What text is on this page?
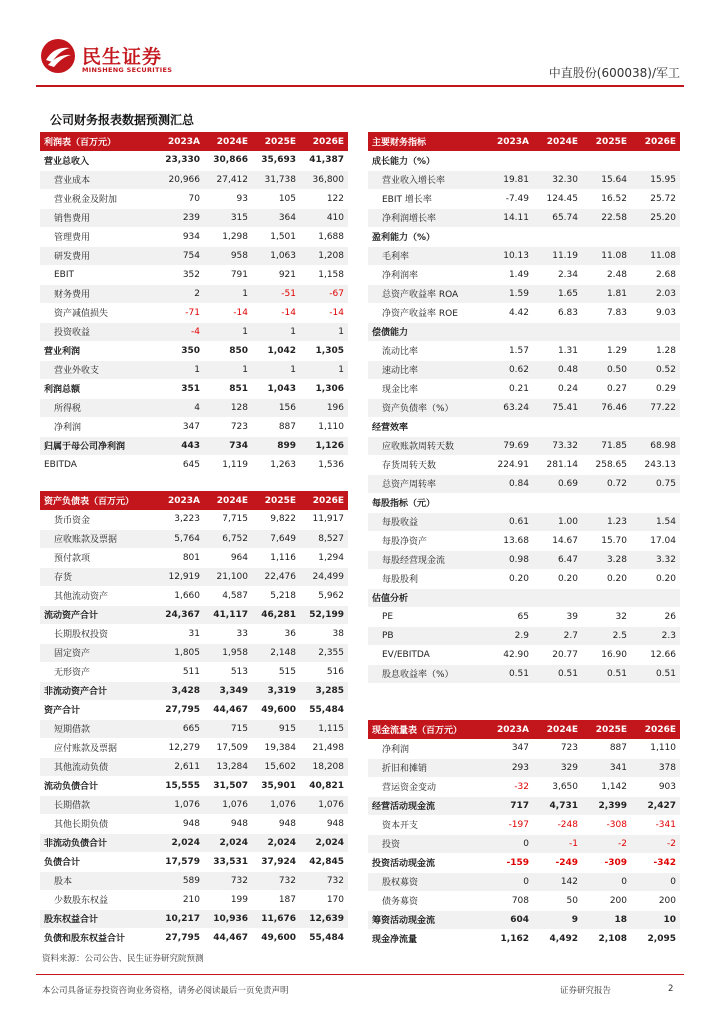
民生证券
MINSHENG SECURITIES	中直股份(600038)/军工
公司财务报表数据预测汇总
利润表（百万元）	2023A	2024E	2025E	2026E
营业总收入	23,330	30,866	35,693	41,387
营业成本	20,966	27,412	31,738	36,800
营业税金及附加	70	93	105	122
销售费用	239	315	364	410
管理费用	934	1,298	1,501	1,688
研发费用	754	958	1,063	1,208
EBIT	352	791	921	1,158
财务费用	2	1	-51	-67
资产减值损失	-71	-14	-14	-14
投资收益	-4	1	1	1
营业利润	350	850	1,042	1,305
营业外收支	1	1	1	1
利润总额	351	851	1,043	1,306
所得税	4	128	156	196
净利润	347	723	887	1,110
归属于母公司净利润	443	734	899	1,126
EBITDA	645	1,119	1,263	1,536
主要财务指标	2023A	2024E	2025E	2026E
成长能力（%）				
营业收入增长率	19.81	32.30	15.64	15.95
EBIT 增长率	-7.49	124.45	16.52	25.72
净利润增长率	14.11	65.74	22.58	25.20
盈利能力（%）				
毛利率	10.13	11.19	11.08	11.08
净利润率	1.49	2.34	2.48	2.68
总资产收益率 ROA	1.59	1.65	1.81	2.03
净资产收益率 ROE	4.42	6.83	7.83	9.03
偿债能力				
流动比率	1.57	1.31	1.29	1.28
速动比率	0.62	0.48	0.50	0.52
现金比率	0.21	0.24	0.27	0.29
资产负债率（%）	63.24	75.41	76.46	77.22
经营效率				
应收账款周转天数	79.69	73.32	71.85	68.98
存货周转天数	224.91	281.14	258.65	243.13
总资产周转率	0.84	0.69	0.72	0.75
每股指标（元）				
每股收益	0.61	1.00	1.23	1.54
每股净资产	13.68	14.67	15.70	17.04
每股经营现金流	0.98	6.47	3.28	3.32
每股股利	0.20	0.20	0.20	0.20
估值分析				
PE	65	39	32	26
PB	2.9	2.7	2.5	2.3
EV/EBITDA	42.90	20.77	16.90	12.66
股息收益率（%）	0.51	0.51	0.51	0.51
资产负债表（百万元）	2023A	2024E	2025E	2026E
货币资金	3,223	7,715	9,822	11,917
应收账款及票据	5,764	6,752	7,649	8,527
预付款项	801	964	1,116	1,294
存货	12,919	21,100	22,476	24,499
其他流动资产	1,660	4,587	5,218	5,962
流动资产合计	24,367	41,117	46,281	52,199
长期股权投资	31	33	36	38
固定资产	1,805	1,958	2,148	2,355
无形资产	511	513	515	516
非流动资产合计	3,428	3,349	3,319	3,285
资产合计	27,795	44,467	49,600	55,484
短期借款	665	715	915	1,115
应付账款及票据	12,279	17,509	19,384	21,498
其他流动负债	2,611	13,284	15,602	18,208
流动负债合计	15,555	31,507	35,901	40,821
长期借款	1,076	1,076	1,076	1,076
其他长期负债	948	948	948	948
非流动负债合计	2,024	2,024	2,024	2,024
负债合计	17,579	33,531	37,924	42,845
股本	589	732	732	732
少数股东权益	210	199	187	170
股东权益合计	10,217	10,936	11,676	12,639
负债和股东权益合计	27,795	44,467	49,600	55,484
现金流量表（百万元）	2023A	2024E	2025E	2026E
净利润	347	723	887	1,110
折旧和摊销	293	329	341	378
营运资金变动	-32	3,650	1,142	903
经营活动现金流	717	4,731	2,399	2,427
资本开支	-197	-248	-308	-341
投资	0	-1	-2	-2
投资活动现金流	-159	-249	-309	-342
股权募资	0	142	0	0
债务募资	708	50	200	200
筹资活动现金流	604	9	18	10
现金净流量	1,162	4,492	2,108	2,095
资料来源：公司公告、民生证券研究院预测
本公司具备证券投资咨询业务资格，请务必阅读最后一页免责声明	证券研究报告	2
